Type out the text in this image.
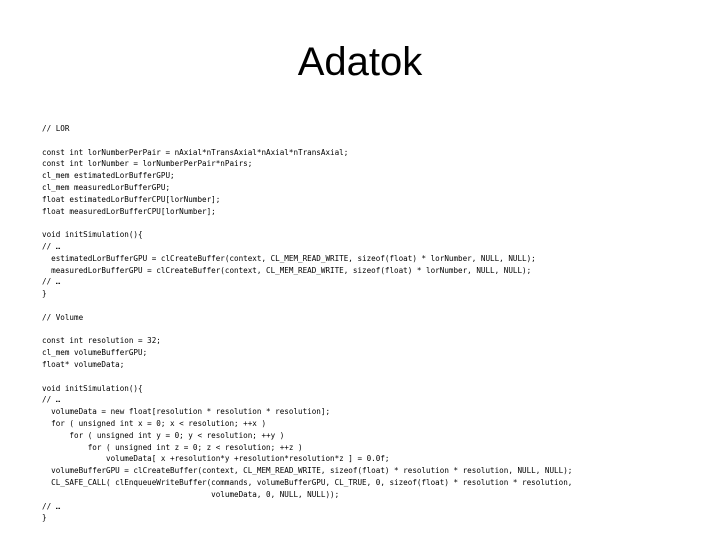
Adatok
// LOR
const int lorNumberPerPair = nAxial*nTransAxial*nAxial*nTransAxial;
const int lorNumber = lorNumberPerPair*nPairs;
cl_mem estimatedLorBufferGPU;
cl_mem measuredLorBufferGPU;
float estimatedLorBufferCPU[lorNumber];
float measuredLorBufferCPU[lorNumber];
void initSimulation(){
// …
estimatedLorBufferGPU = clCreateBuffer(context, CL_MEM_READ_WRITE, sizeof(float) * lorNumber, NULL, NULL);
measuredLorBufferGPU = clCreateBuffer(context, CL_MEM_READ_WRITE, sizeof(float) * lorNumber, NULL, NULL);
// …
}
// Volume
const int resolution = 32;
cl_mem volumeBufferGPU;
float* volumeData;
void initSimulation(){
// …
volumeData = new float[resolution * resolution * resolution];
for ( unsigned int x = 0; x < resolution; ++x )
for ( unsigned int y = 0; y < resolution; ++y )
for ( unsigned int z = 0; z < resolution; ++z )
volumeData[ x +resolution*y +resolution*resolution*z ] = 0.0f;
volumeBufferGPU = clCreateBuffer(context, CL_MEM_READ_WRITE, sizeof(float) * resolution * resolution, NULL, NULL);
CL_SAFE_CALL( clEnqueueWriteBuffer(commands, volumeBufferGPU, CL_TRUE, 0, sizeof(float) * resolution * resolution,
volumeData, 0, NULL, NULL));
// …
}
